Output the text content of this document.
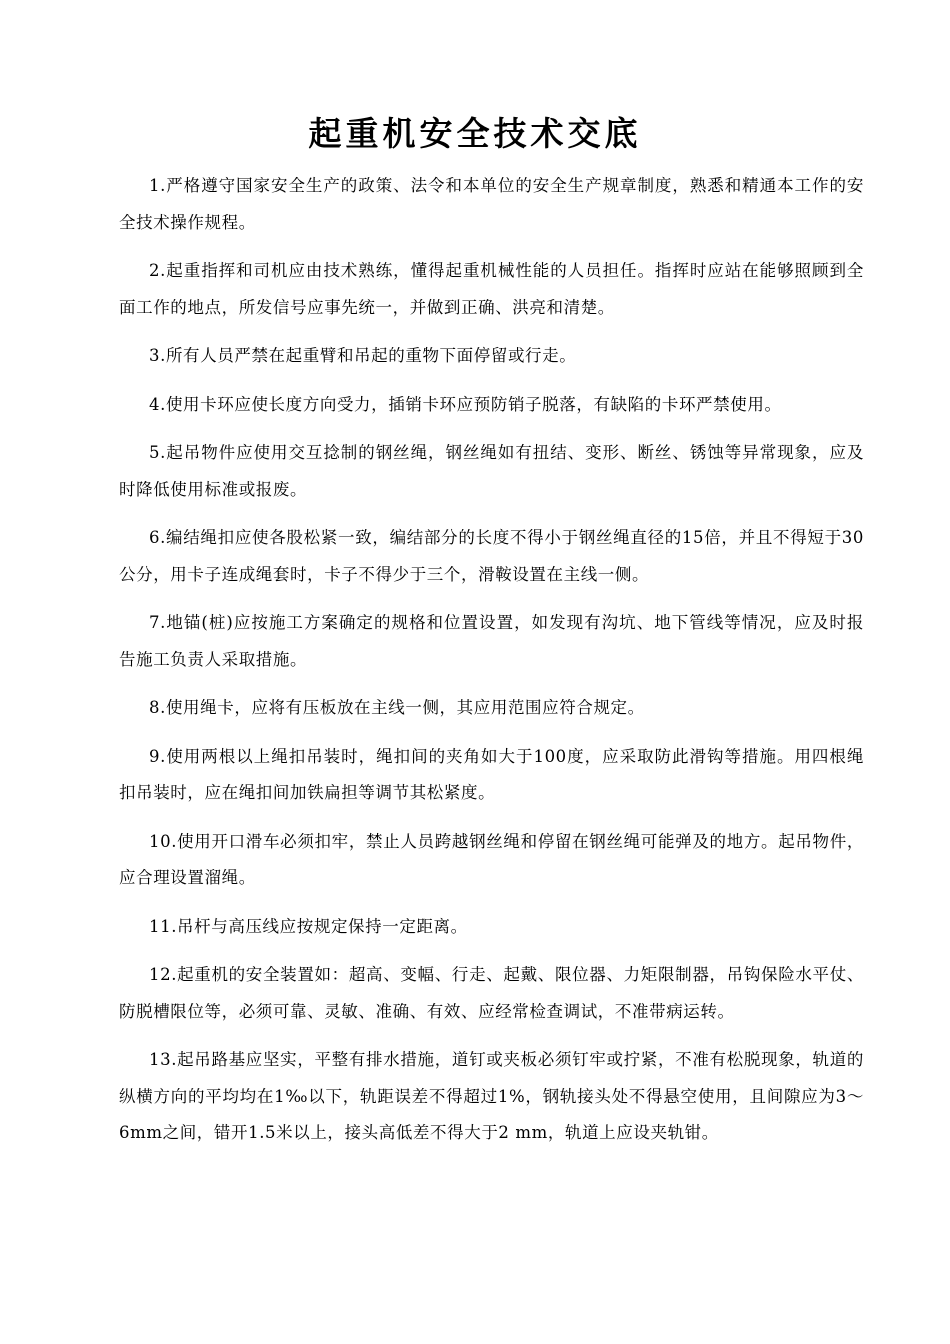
起重机安全技术交底

1.严格遵守国家安全生产的政策、法令和本单位的安全生产规章制度，熟悉和精通本工作的安全技术操作规程。

2.起重指挥和司机应由技术熟练，懂得起重机械性能的人员担任。指挥时应站在能够照顾到全面工作的地点，所发信号应事先统一，并做到正确、洪亮和清楚。

3.所有人员严禁在起重臂和吊起的重物下面停留或行走。

4.使用卡环应使长度方向受力，插销卡环应预防销子脱落，有缺陷的卡环严禁使用。

5.起吊物件应使用交互捻制的钢丝绳，钢丝绳如有扭结、变形、断丝、锈蚀等异常现象，应及时降低使用标准或报废。

6.编结绳扣应使各股松紧一致，编结部分的长度不得小于钢丝绳直径的15倍，并且不得短于30公分，用卡子连成绳套时，卡子不得少于三个，滑鞍设置在主线一侧。

7.地锚(桩)应按施工方案确定的规格和位置设置，如发现有沟坑、地下管线等情况，应及时报告施工负责人采取措施。

8.使用绳卡，应将有压板放在主线一侧，其应用范围应符合规定。

9.使用两根以上绳扣吊装时，绳扣间的夹角如大于100度，应采取防此滑钩等措施。用四根绳扣吊装时，应在绳扣间加铁扁担等调节其松紧度。

10.使用开口滑车必须扣牢，禁止人员跨越钢丝绳和停留在钢丝绳可能弹及的地方。起吊物件，应合理设置溜绳。

11.吊杆与高压线应按规定保持一定距离。

12.起重机的安全装置如：超高、变幅、行走、起戴、限位器、力矩限制器，吊钩保险水平仗、防脱槽限位等，必须可靠、灵敏、准确、有效、应经常检查调试，不准带病运转。

13.起吊路基应坚实，平整有排水措施，道钉或夹板必须钉牢或拧紧，不准有松脱现象，轨道的纵横方向的平均均在1‰以下，轨距误差不得超过1%，钢轨接头处不得悬空使用，且间隙应为3～6mm之间，错开1.5米以上，接头高低差不得大于2 mm，轨道上应设夹轨钳。
